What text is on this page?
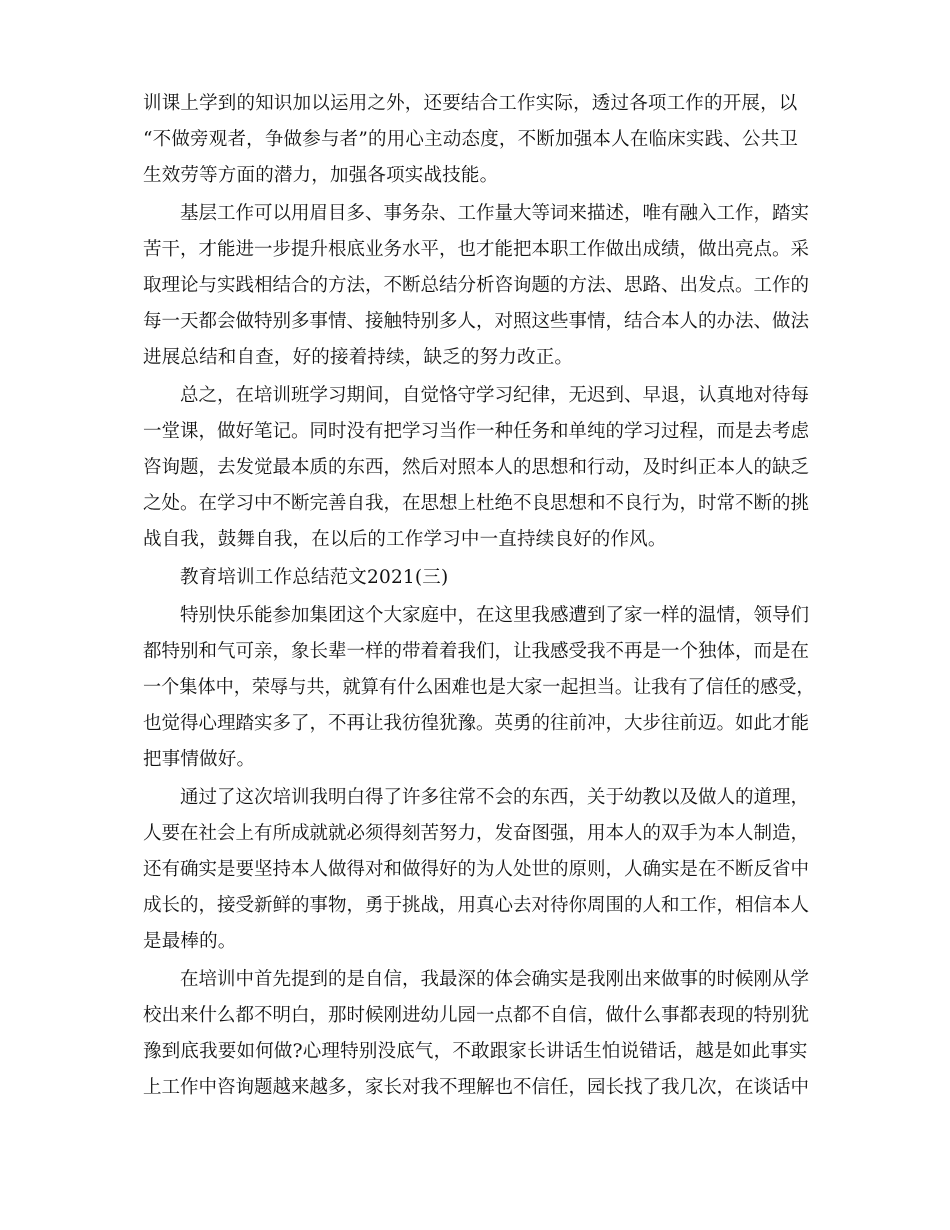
训课上学到的知识加以运用之外，还要结合工作实际，透过各项工作的开展，以
“不做旁观者，争做参与者”的用心主动态度，不断加强本人在临床实践、公共卫
生效劳等方面的潜力，加强各项实战技能。
基层工作可以用眉目多、事务杂、工作量大等词来描述，唯有融入工作，踏实
苦干，才能进一步提升根底业务水平，也才能把本职工作做出成绩，做出亮点。采
取理论与实践相结合的方法，不断总结分析咨询题的方法、思路、出发点。工作的
每一天都会做特别多事情、接触特别多人，对照这些事情，结合本人的办法、做法
进展总结和自查，好的接着持续，缺乏的努力改正。
总之，在培训班学习期间，自觉恪守学习纪律，无迟到、早退，认真地对待每
一堂课，做好笔记。同时没有把学习当作一种任务和单纯的学习过程，而是去考虑
咨询题，去发觉最本质的东西，然后对照本人的思想和行动，及时纠正本人的缺乏
之处。在学习中不断完善自我，在思想上杜绝不良思想和不良行为，时常不断的挑
战自我，鼓舞自我，在以后的工作学习中一直持续良好的作风。
教育培训工作总结范文2021(三)
特别快乐能参加集团这个大家庭中，在这里我感遭到了家一样的温情，领导们
都特别和气可亲，象长辈一样的带着着我们，让我感受我不再是一个独体，而是在
一个集体中，荣辱与共，就算有什么困难也是大家一起担当。让我有了信任的感受，
也觉得心理踏实多了，不再让我彷徨犹豫。英勇的往前冲，大步往前迈。如此才能
把事情做好。
通过了这次培训我明白得了许多往常不会的东西，关于幼教以及做人的道理，
人要在社会上有所成就就必须得刻苦努力，发奋图强，用本人的双手为本人制造，
还有确实是要坚持本人做得对和做得好的为人处世的原则，人确实是在不断反省中
成长的，接受新鲜的事物，勇于挑战，用真心去对待你周围的人和工作，相信本人
是最棒的。
在培训中首先提到的是自信，我最深的体会确实是我刚出来做事的时候刚从学
校出来什么都不明白，那时候刚进幼儿园一点都不自信，做什么事都表现的特别犹
豫到底我要如何做?心理特别没底气，不敢跟家长讲话生怕说错话，越是如此事实
上工作中咨询题越来越多，家长对我不理解也不信任，园长找了我几次，在谈话中
